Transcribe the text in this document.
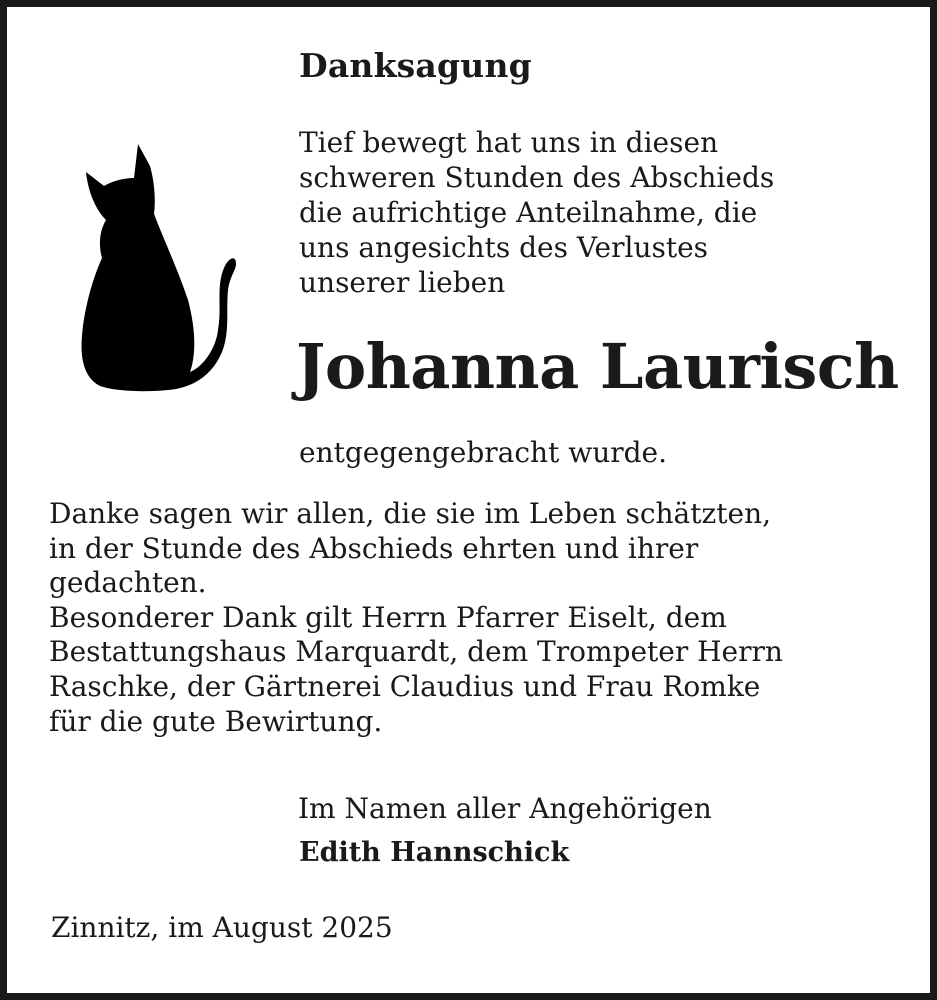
Danksagung

Tief bewegt hat uns in diesen
schweren Stunden des Abschieds
die aufrichtige Anteilnahme, die
uns angesichts des Verlustes
unserer lieben

Johanna Laurisch

entgegengebracht wurde.

Danke sagen wir allen, die sie im Leben schätzten,
in der Stunde des Abschieds ehrten und ihrer
gedachten.
Besonderer Dank gilt Herrn Pfarrer Eiselt, dem
Bestattungshaus Marquardt, dem Trompeter Herrn
Raschke, der Gärtnerei Claudius und Frau Romke
für die gute Bewirtung.

Im Namen aller Angehörigen

Edith Hannschick

Zinnitz, im August 2025
